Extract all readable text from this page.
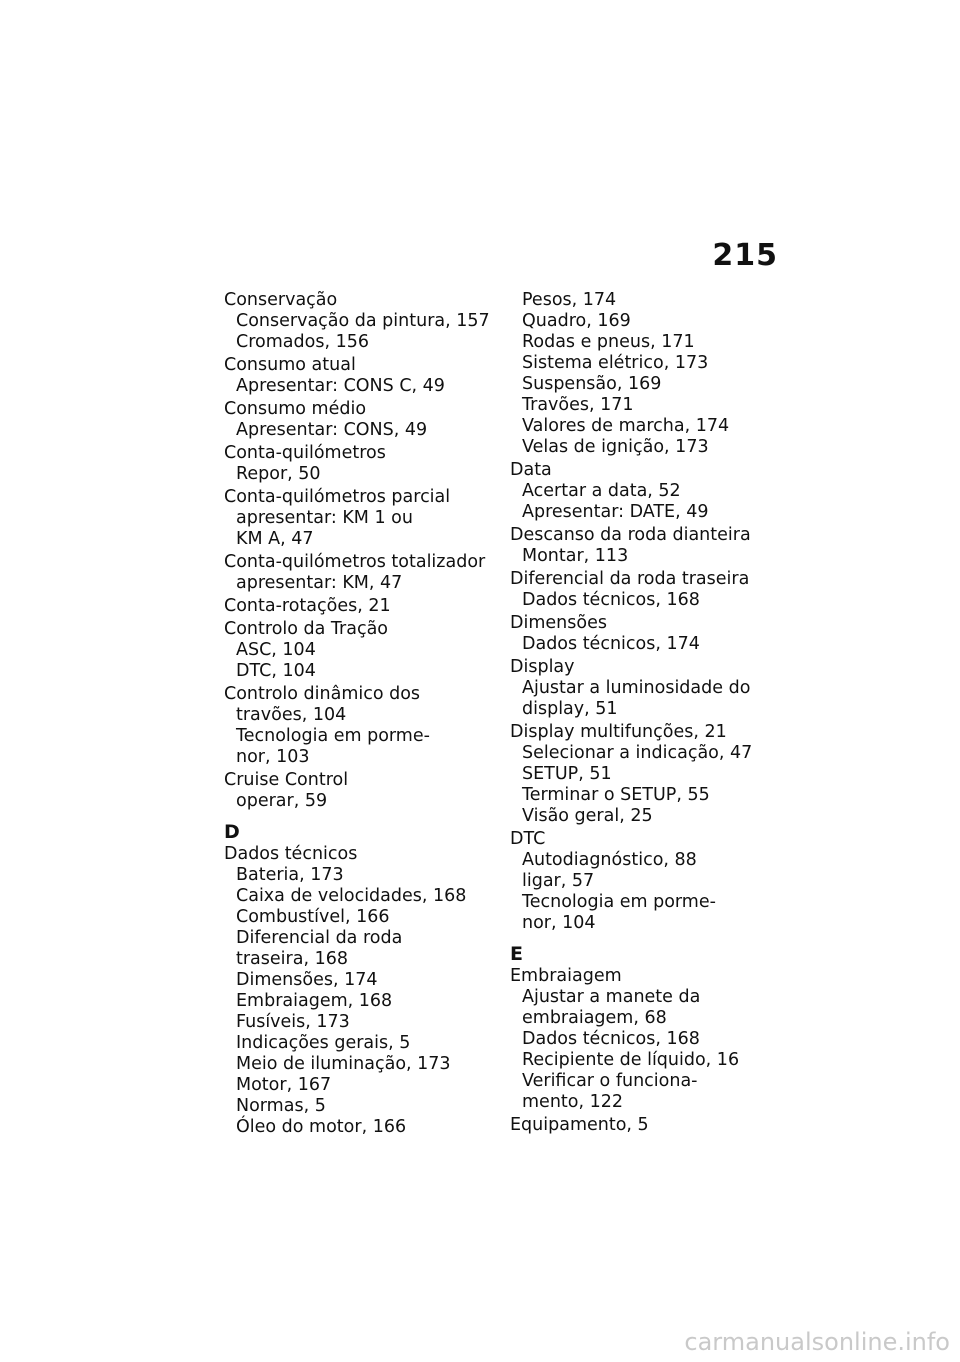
215
Conservação
Conservação da pintura, 157
Cromados, 156
Consumo atual
Apresentar: CONS C, 49
Consumo médio
Apresentar: CONS, 49
Conta-quilómetros
Repor, 50
Conta-quilómetros parcial
apresentar: KM 1 ou
KM A, 47
Conta-quilómetros totalizador
apresentar: KM, 47
Conta-rotações, 21
Controlo da Tração
ASC, 104
DTC, 104
Controlo dinâmico dos
travões, 104
Tecnologia em porme-
nor, 103
Cruise Control
operar, 59
D
Dados técnicos
Bateria, 173
Caixa de velocidades, 168
Combustível, 166
Diferencial da roda
traseira, 168
Dimensões, 174
Embraiagem, 168
Fusíveis, 173
Indicações gerais, 5
Meio de iluminação, 173
Motor, 167
Normas, 5
Óleo do motor, 166
Pesos, 174
Quadro, 169
Rodas e pneus, 171
Sistema elétrico, 173
Suspensão, 169
Travões, 171
Valores de marcha, 174
Velas de ignição, 173
Data
Acertar a data, 52
Apresentar: DATE, 49
Descanso da roda dianteira
Montar, 113
Diferencial da roda traseira
Dados técnicos, 168
Dimensões
Dados técnicos, 174
Display
Ajustar a luminosidade do
display, 51
Display multifunções, 21
Selecionar a indicação, 47
SETUP, 51
Terminar o SETUP, 55
Visão geral, 25
DTC
Autodiagnóstico, 88
ligar, 57
Tecnologia em porme-
nor, 104
E
Embraiagem
Ajustar a manete da
embraiagem, 68
Dados técnicos, 168
Recipiente de líquido, 16
Verificar o funciona-
mento, 122
Equipamento, 5
carmanualsonline.info
